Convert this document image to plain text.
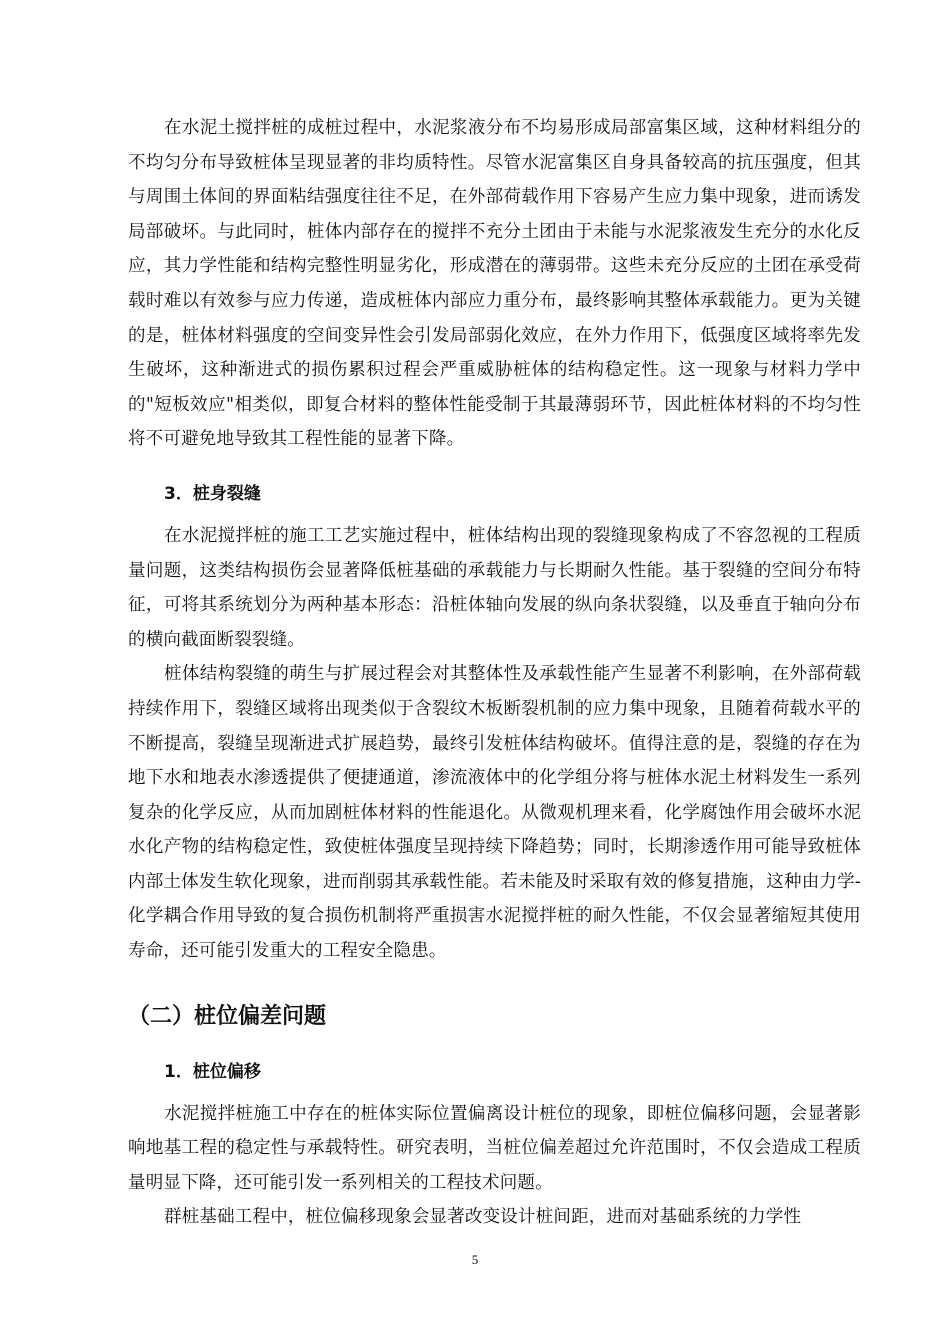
在水泥土搅拌桩的成桩过程中，水泥浆液分布不均易形成局部富集区域，这种材料组分的不均匀分布导致桩体呈现显著的非均质特性。尽管水泥富集区自身具备较高的抗压强度，但其与周围土体间的界面粘结强度往往不足，在外部荷载作用下容易产生应力集中现象，进而诱发局部破坏。与此同时，桩体内部存在的搅拌不充分土团由于未能与水泥浆液发生充分的水化反应，其力学性能和结构完整性明显劣化，形成潜在的薄弱带。这些未充分反应的土团在承受荷载时难以有效参与应力传递，造成桩体内部应力重分布，最终影响其整体承载能力。更为关键的是，桩体材料强度的空间变异性会引发局部弱化效应，在外力作用下，低强度区域将率先发生破坏，这种渐进式的损伤累积过程会严重威胁桩体的结构稳定性。这一现象与材料力学中的"短板效应"相类似，即复合材料的整体性能受制于其最薄弱环节，因此桩体材料的不均匀性将不可避免地导致其工程性能的显著下降。

3．桩身裂缝

在水泥搅拌桩的施工工艺实施过程中，桩体结构出现的裂缝现象构成了不容忽视的工程质量问题，这类结构损伤会显著降低桩基础的承载能力与长期耐久性能。基于裂缝的空间分布特征，可将其系统划分为两种基本形态：沿桩体轴向发展的纵向条状裂缝，以及垂直于轴向分布的横向截面断裂裂缝。

桩体结构裂缝的萌生与扩展过程会对其整体性及承载性能产生显著不利影响，在外部荷载持续作用下，裂缝区域将出现类似于含裂纹木板断裂机制的应力集中现象，且随着荷载水平的不断提高，裂缝呈现渐进式扩展趋势，最终引发桩体结构破坏。值得注意的是，裂缝的存在为地下水和地表水渗透提供了便捷通道，渗流液体中的化学组分将与桩体水泥土材料发生一系列复杂的化学反应，从而加剧桩体材料的性能退化。从微观机理来看，化学腐蚀作用会破坏水泥水化产物的结构稳定性，致使桩体强度呈现持续下降趋势；同时，长期渗透作用可能导致桩体内部土体发生软化现象，进而削弱其承载性能。若未能及时采取有效的修复措施，这种由力学-化学耦合作用导致的复合损伤机制将严重损害水泥搅拌桩的耐久性能，不仅会显著缩短其使用寿命，还可能引发重大的工程安全隐患。

（二）桩位偏差问题
1．桩位偏移

水泥搅拌桩施工中存在的桩体实际位置偏离设计桩位的现象，即桩位偏移问题，会显著影响地基工程的稳定性与承载特性。研究表明，当桩位偏差超过允许范围时，不仅会造成工程质量明显下降，还可能引发一系列相关的工程技术问题。

群桩基础工程中，桩位偏移现象会显著改变设计桩间距，进而对基础系统的力学性

5
